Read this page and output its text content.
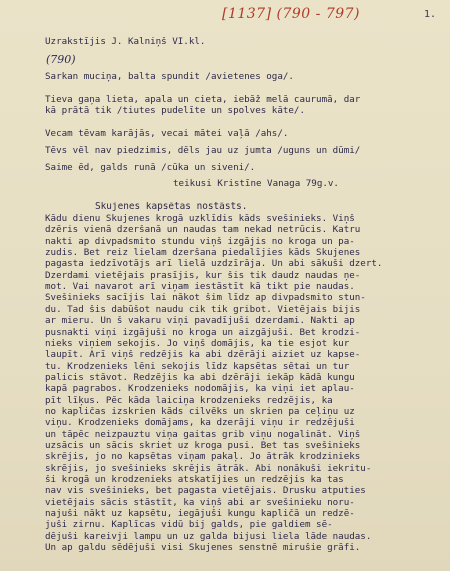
[1137] (790 - 797)	1.
Uzrakstījis J. Kalniņš VI.kl.
(790)
Sarkan muciņa, balta spundit /avietenes oga/.
Tieva gaņa lieta, apala un cieta, iebāž melā caurumā, dar
kā prātā tik /tiutes pudelīte un spolves kāte/.
Vecam tēvam karājās, vecai mātei vaļā /ahs/.
Tēvs vēl nav piedzimis, dēls jau uz jumta /uguns un dūmi/
Saime ēd, galds runā /cūka un siveni/.
teikusi Kristīne Vanaga 79g.v.
Skujenes kapsētas nostāsts.
Kādu dienu Skujenes krogā uzklīdis kāds svešinieks. Viņš
dzēris vienā dzeršanā un naudas tam nekad netrūcis. Katru
nakti ap divpadsmito stundu viņš izgājis no kroga un pa-
zudis. Bet reiz lielam dzeršana piedalījies kāds Skujenes
pagasta iedzīvotājs arī lielā uzdzīrāja. Un abi sākuši dzert.
Dzerdami vietējais prasījis, kur šis tik daudz naudas ņe-
mot. Vai navarot arī viņam iestāstīt kā tikt pie naudas.
Svešinieks sacījis lai nākot šim līdz ap divpadsmito stun-
du. Tad šis dabūšot naudu cik tik gribot. Vietējais bijis
ar mieru. Un š vakaru viņi pavadījuši dzerdami. Nakti ap
pusnakti viņi izgājuši no kroga un aizgājuši. Bet krodzi-
nieks viņiem sekojis. Jo viņš domājis, ka tie esjot kur
laupīt. Arī viņš redzējis ka abi dzērāji aiziet uz kapse-
tu. Krodzenieks lēni sekojis līdz kapsētas sētai un tur
palicis stāvot. Redzējis ka abi dzērāji iekāp kādā kungu
kapā pagrabos. Krodzenieks nodomājis, ka viņi iet aplau-
pīt līķus. Pēc kāda laiciņa krodzenieks redzējis, ka
no kapličas izskrien kāds cilvēks un skrien pa ceļiņu uz
viņu. Krodzenieks domājams, ka dzerāji viņu ir redzējuši
un tāpēc neizpauztu viņa gaitas grib viņu nogalināt. Viņš
uzsācis un sācis skriet uz kroga pusi. Bet tas svešinieks
skrējis, jo no kapsētas viņam pakaļ. Jo ātrāk krodzinieks
skrējis, jo svešinieks skrējis ātrāk. Abi nonākuši iekritu-
ši krogā un krodzenieks atskatījies un redzējis ka tas
nav vis svešinieks, bet pagasta vietējais. Drusku atputies
vietējais sācis stāstīt, ka viņš abi ar svešinieku noru-
najuši nākt uz kapsētu, iegājuši kungu kapličā un redzē-
juši zirnu. Kaplīcas vidū bij galds, pie galdiem sē-
dējuši kareivji lampu un uz galda bijusi liela lāde naudas.
Un ap galdu sēdējuši visi Skujenes senstnē mirušie grāfi.
